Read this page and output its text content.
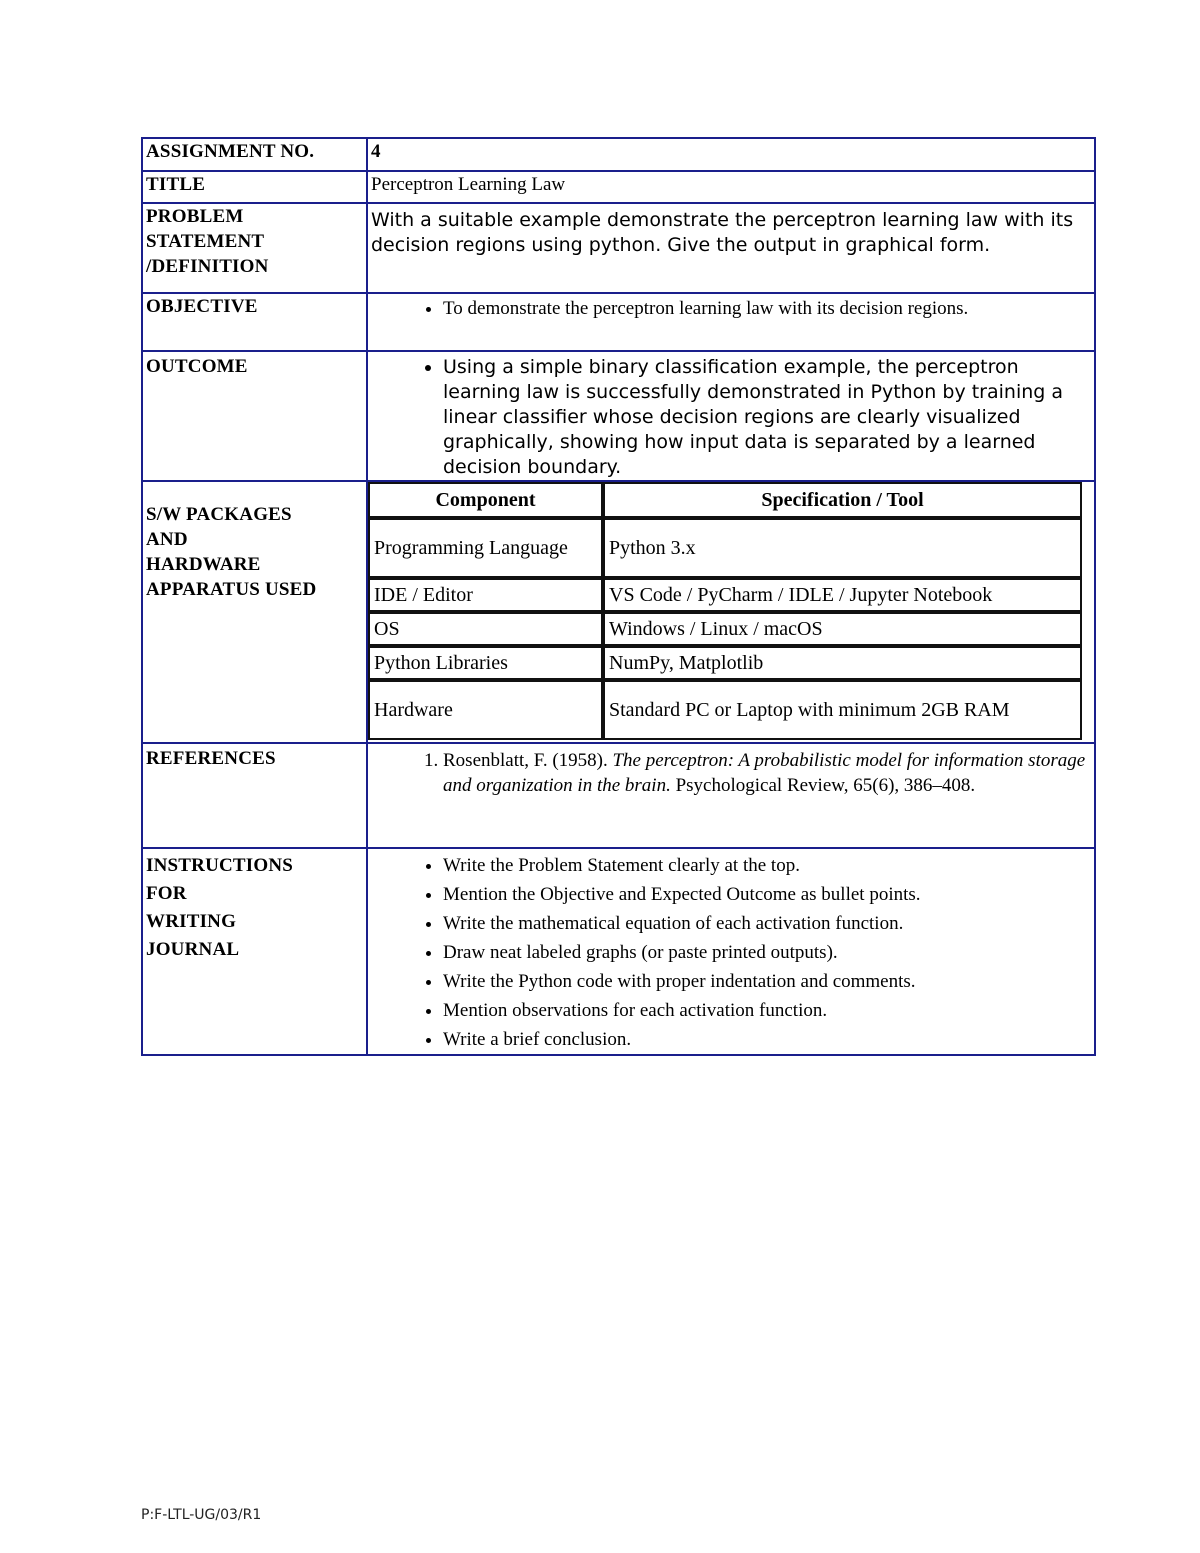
ASSIGNMENT NO.	4
TITLE	Perceptron Learning Law

PROBLEM
STATEMENT
/DEFINITION
	With a suitable example demonstrate the perceptron learning law with its decision regions using python. Give the output in graphical form.
OBJECTIVE	
•To demonstrate the perceptron learning law with its decision regions.

OUTCOME	
•Using a simple binary classification example, the perceptron learning law is successfully demonstrated in Python by training a linear classifier whose decision regions are clearly visualized graphically, showing how input data is separated by a learned decision boundary.

S/W PACKAGES
AND
HARDWARE
APPARATUS USED

Component	Specification / Tool
Programming Language	Python 3.x
IDE / Editor	VS Code / PyCharm / IDLE / Jupyter Notebook
OS	Windows / Linux / macOS
Python Libraries	NumPy, Matplotlib
Hardware	Standard PC or Laptop with minimum 2GB RAM

REFERENCES	
1.Rosenblatt, F. (1958). The perceptron: A probabilistic model for information storage and organization in the brain. Psychological Review, 65(6), 386–408.

INSTRUCTIONS
FOR
WRITING
JOURNAL

• Write the Problem Statement clearly at the top.
• Mention the Objective and Expected Outcome as bullet points.
• Write the mathematical equation of each activation function.
• Draw neat labeled graphs (or paste printed outputs).
• Write the Python code with proper indentation and comments.
• Mention observations for each activation function.
• Write a brief conclusion.
P:F-LTL-UG/03/R1
